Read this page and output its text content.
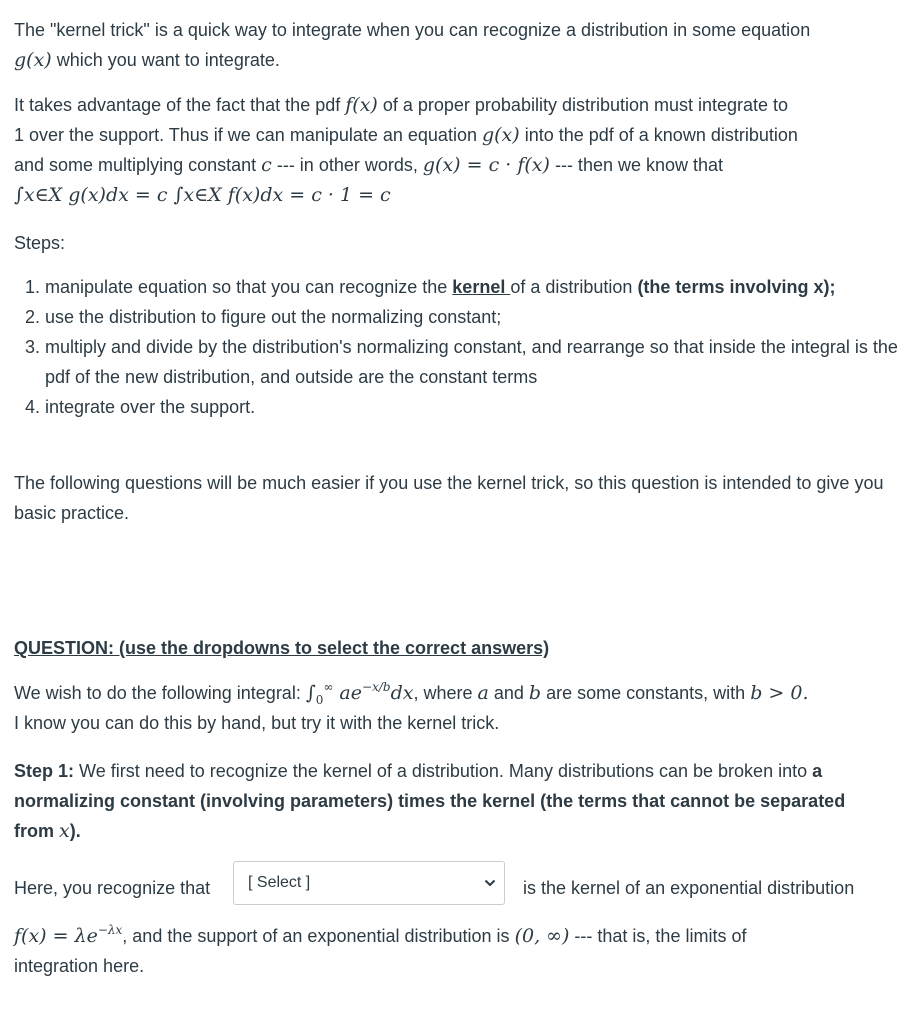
The "kernel trick" is a quick way to integrate when you can recognize a distribution in some equation
g(x) which you want to integrate.

It takes advantage of the fact that the pdf f(x) of a proper probability distribution must integrate to
1 over the support. Thus if we can manipulate an equation g(x) into the pdf of a known distribution
and some multiplying constant c --- in other words, g(x) = c · f(x) --- then we know that
∫x∈X g(x)dx = c ∫x∈X f(x)dx = c · 1 = c

Steps:

1. manipulate equation so that you can recognize the kernel of a distribution (the terms involving x);
2. use the distribution to figure out the normalizing constant;
3. multiply and divide by the distribution's normalizing constant, and rearrange so that inside the integral is the pdf of the new distribution, and outside are the constant terms
4. integrate over the support.

The following questions will be much easier if you use the kernel trick, so this question is intended to give you basic practice.

QUESTION: (use the dropdowns to select the correct answers)

We wish to do the following integral: $\int_0^\infty$ $ae^{-x/b}dx$, where a and b are some constants, with b > 0.
I know you can do this by hand, but try it with the kernel trick.

Step 1: We first need to recognize the kernel of a distribution. Many distributions can be broken into a normalizing constant (involving parameters) times the kernel (the terms that cannot be separated from x).

Here, you recognize that	[ Select ]	is the kernel of an exponential distribution

$f(x) = \lambda e^{-\lambda x}$, and the support of an exponential distribution is (0, ∞) --- that is, the limits of
integration here.
